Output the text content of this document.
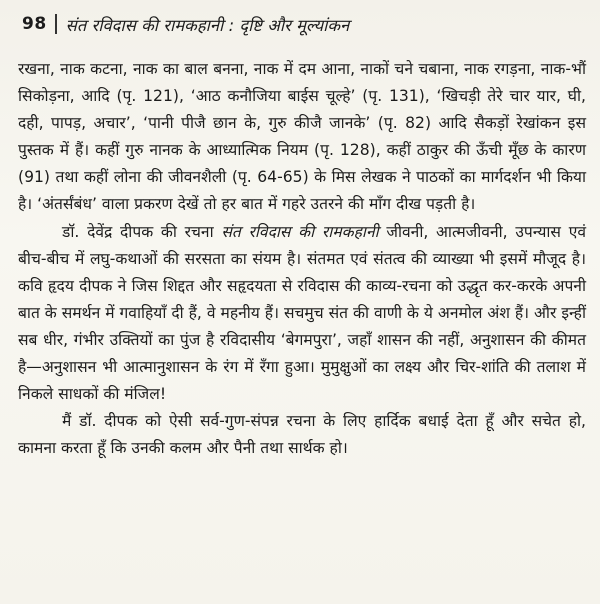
98 संत रविदास की रामकहानी : दृष्टि और मूल्यांकन

रखना, नाक कटना, नाक का बाल बनना, नाक में दम आना, नाकों चने चबाना, नाक रगड़ना, नाक-भौं सिकोड़ना, आदि (पृ. 121), ‘आठ कनौजिया बाईस चूल्हे’ (पृ. 131), ‘खिचड़ी तेरे चार यार, घी, दही, पापड़, अचार’, ‘पानी पीजै छान के, गुरु कीजै जानके’ (पृ. 82) आदि सैकड़ों रेखांकन इस पुस्तक में हैं। कहीं गुरु नानक के आध्यात्मिक नियम (पृ. 128), कहीं ठाकुर की ऊँची मूँछ के कारण (91) तथा कहीं लोना की जीवनशैली (पृ. 64-65) के मिस लेखक ने पाठकों का मार्गदर्शन भी किया है। ‘अंतर्संबंध’ वाला प्रकरण देखें तो हर बात में गहरे उतरने की माँग दीख पड़ती है।

डॉ. देवेंद्र दीपक की रचना संत रविदास की रामकहानी जीवनी, आत्मजीवनी, उपन्यास एवं बीच-बीच में लघु-कथाओं की सरसता का संयम है। संतमत एवं संतत्व की व्याख्या भी इसमें मौजूद है। कवि हृदय दीपक ने जिस शिद्दत और सहृदयता से रविदास की काव्य-रचना को उद्धृत कर-करके अपनी बात के समर्थन में गवाहियाँ दी हैं, वे महनीय हैं। सचमुच संत की वाणी के ये अनमोल अंश हैं। और इन्हीं सब धीर, गंभीर उक्तियों का पुंज है रविदासीय ‘बेगमपुरा’, जहाँ शासन की नहीं, अनुशासन की कीमत है—अनुशासन भी आत्मानुशासन के रंग में रँगा हुआ। मुमुक्षुओं का लक्ष्य और चिर-शांति की तलाश में निकले साधकों की मंजिल!

मैं डॉ. दीपक को ऐसी सर्व-गुण-संपन्न रचना के लिए हार्दिक बधाई देता हूँ और सचेत हो, कामना करता हूँ कि उनकी कलम और पैनी तथा सार्थक हो।
